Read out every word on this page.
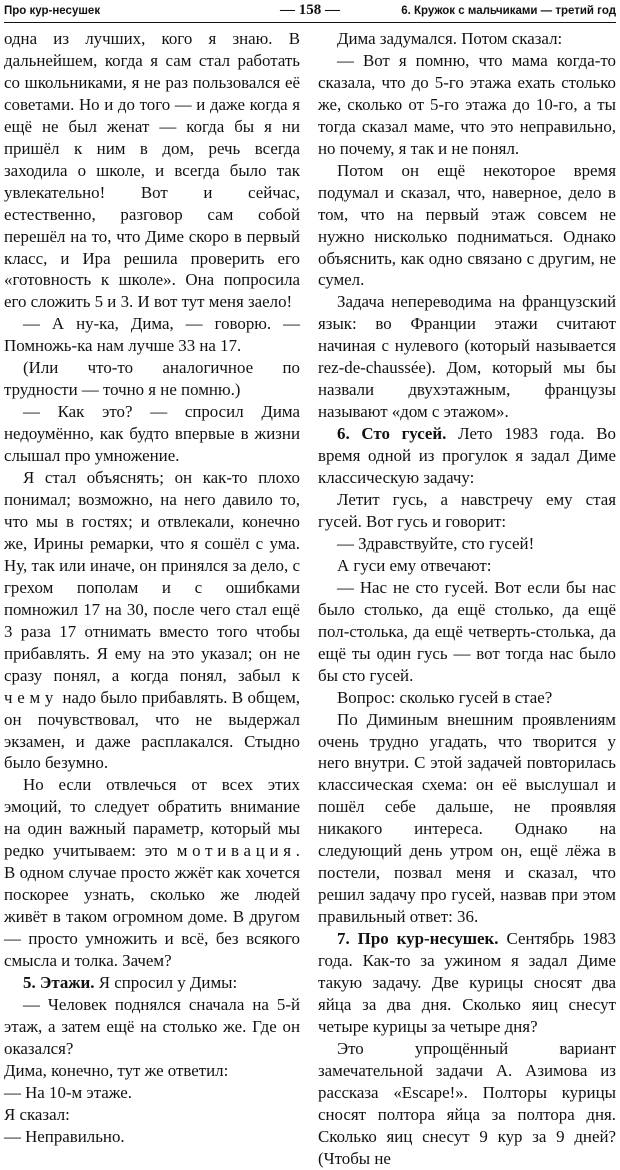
Про кур-несушек	— 158 —	6. Кружок с мальчиками — третий год

одна из лучших, кого я знаю. В дальнейшем, когда я сам стал работать со школьниками, я не раз пользовался её советами. Но и до того — и даже когда я ещё не был женат — когда бы я ни пришёл к ним в дом, речь всегда заходила о школе, и всегда было так увлекательно! Вот и сейчас, естественно, разговор сам собой перешёл на то, что Диме скоро в первый класс, и Ира решила проверить его «готовность к школе». Она попросила его сложить 5 и 3. И вот тут меня заело!

— А ну-ка, Дима, — говорю. — Помножь-ка нам лучше 33 на 17.

(Или что-то аналогичное по трудности — точно я не помню.)

— Как это? — спросил Дима недоумённо, как будто впервые в жизни слышал про умножение.

Я стал объяснять; он как-то плохо понимал; возможно, на него давило то, что мы в гостях; и отвлекали, конечно же, Ирины ремарки, что я сошёл с ума. Ну, так или иначе, он принялся за дело, с грехом пополам и с ошибками помножил 17 на 30, после чего стал ещё 3 раза 17 отнимать вместо того чтобы прибавлять. Я ему на это указал; он не сразу понял, а когда понял, забыл к чему надо было прибавлять. В общем, он почувствовал, что не выдержал экзамен, и даже расплакался. Стыдно было безумно.

Но если отвлечься от всех этих эмоций, то следует обратить внимание на один важный параметр, который мы редко учитываем: это мотивация. В одном случае просто жжёт как хочется поскорее узнать, сколько же людей живёт в таком огромном доме. В другом — просто умножить и всё, без всякого смысла и толка. Зачем?

5. Этажи. Я спросил у Димы:

— Человек поднялся сначала на 5-й этаж, а затем ещё на столько же. Где он оказался?

Дима, конечно, тут же ответил:

— На 10-м этаже.

Я сказал:

— Неправильно.

Дима задумался. Потом сказал:

— Вот я помню, что мама когда-то сказала, что до 5-го этажа ехать столько же, сколько от 5-го этажа до 10-го, а ты тогда сказал маме, что это неправильно, но почему, я так и не понял.

Потом он ещё некоторое время подумал и сказал, что, наверное, дело в том, что на первый этаж совсем не нужно нисколько подниматься. Однако объяснить, как одно связано с другим, не сумел.

Задача непереводима на французский язык: во Франции этажи считают начиная с нулевого (который называется rez-de-chaussée). Дом, который мы бы назвали двухэтажным, французы называют «дом с этажом».

6. Сто гусей. Лето 1983 года. Во время одной из прогулок я задал Диме классическую задачу:

Летит гусь, а навстречу ему стая гусей. Вот гусь и говорит:

— Здравствуйте, сто гусей!

А гуси ему отвечают:

— Нас не сто гусей. Вот если бы нас было столько, да ещё столько, да ещё пол-столька, да ещё четверть-столька, да ещё ты один гусь — вот тогда нас было бы сто гусей.

Вопрос: сколько гусей в стае?

По Диминым внешним проявлениям очень трудно угадать, что творится у него внутри. С этой задачей повторилась классическая схема: он её выслушал и пошёл себе дальше, не проявляя никакого интереса. Однако на следующий день утром он, ещё лёжа в постели, позвал меня и сказал, что решил задачу про гусей, назвав при этом правильный ответ: 36.

7. Про кур-несушек. Сентябрь 1983 года. Как-то за ужином я задал Диме такую задачу. Две курицы сносят два яйца за два дня. Сколько яиц снесут четыре курицы за четыре дня?

Это упрощённый вариант замечательной задачи А. Азимова из рассказа «Escape!». Полторы курицы сносят полтора яйца за полтора дня. Сколько яиц снесут 9 кур за 9 дней? (Чтобы не
